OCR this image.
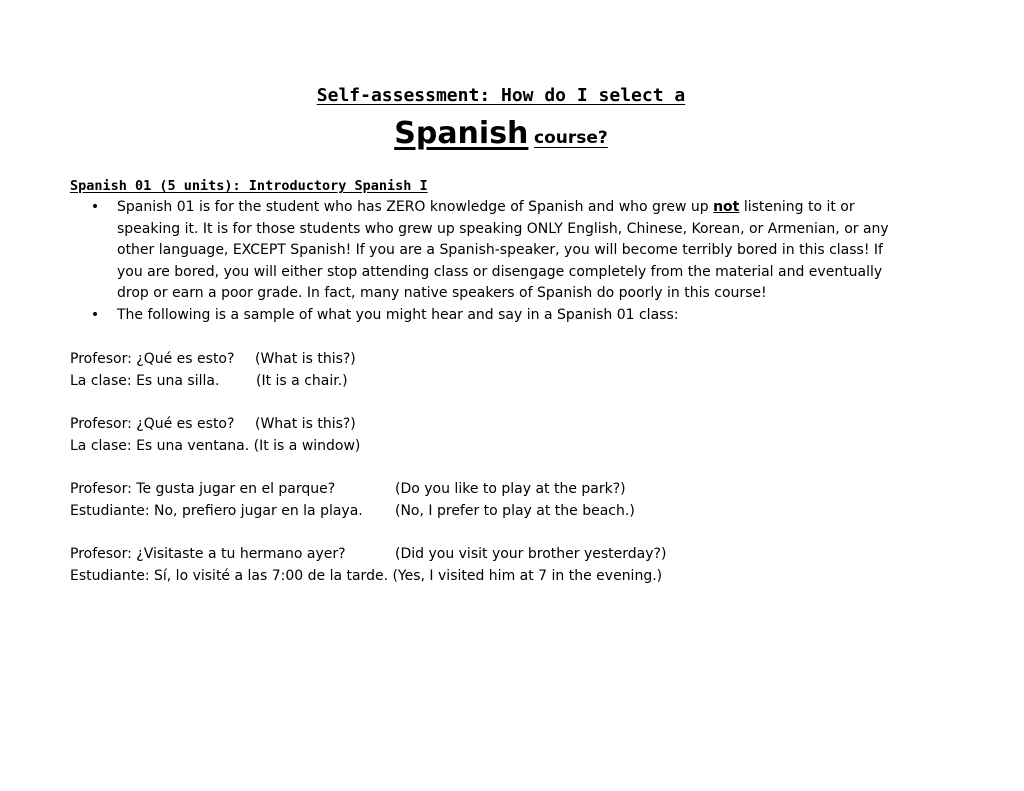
Self-assessment: How do I select a
Spanish course?
Spanish 01 (5 units): Introductory Spanish I
• Spanish 01 is for the student who has ZERO knowledge of Spanish and who grew up not listening to it or
speaking it. It is for those students who grew up speaking ONLY English, Chinese, Korean, or Armenian, or any
other language, EXCEPT Spanish! If you are a Spanish-speaker, you will become terribly bored in this class! If
you are bored, you will either stop attending class or disengage completely from the material and eventually
drop or earn a poor grade. In fact, many native speakers of Spanish do poorly in this course!
• The following is a sample of what you might hear and say in a Spanish 01 class:
Profesor: ¿Qué es esto? (What is this?)
La clase: Es una silla.	(It is a chair.)
Profesor: ¿Qué es esto? (What is this?)
La clase: Es una ventana. (It is a window)
Profesor: Te gusta jugar en el parque?	(Do you like to play at the park?)
Estudiante: No, prefiero jugar en la playa. (No, I prefer to play at the beach.)
Profesor: ¿Visitaste a tu hermano ayer?	(Did you visit your brother yesterday?)
Estudiante: Sí, lo visité a las 7:00 de la tarde. (Yes, I visited him at 7 in the evening.)
